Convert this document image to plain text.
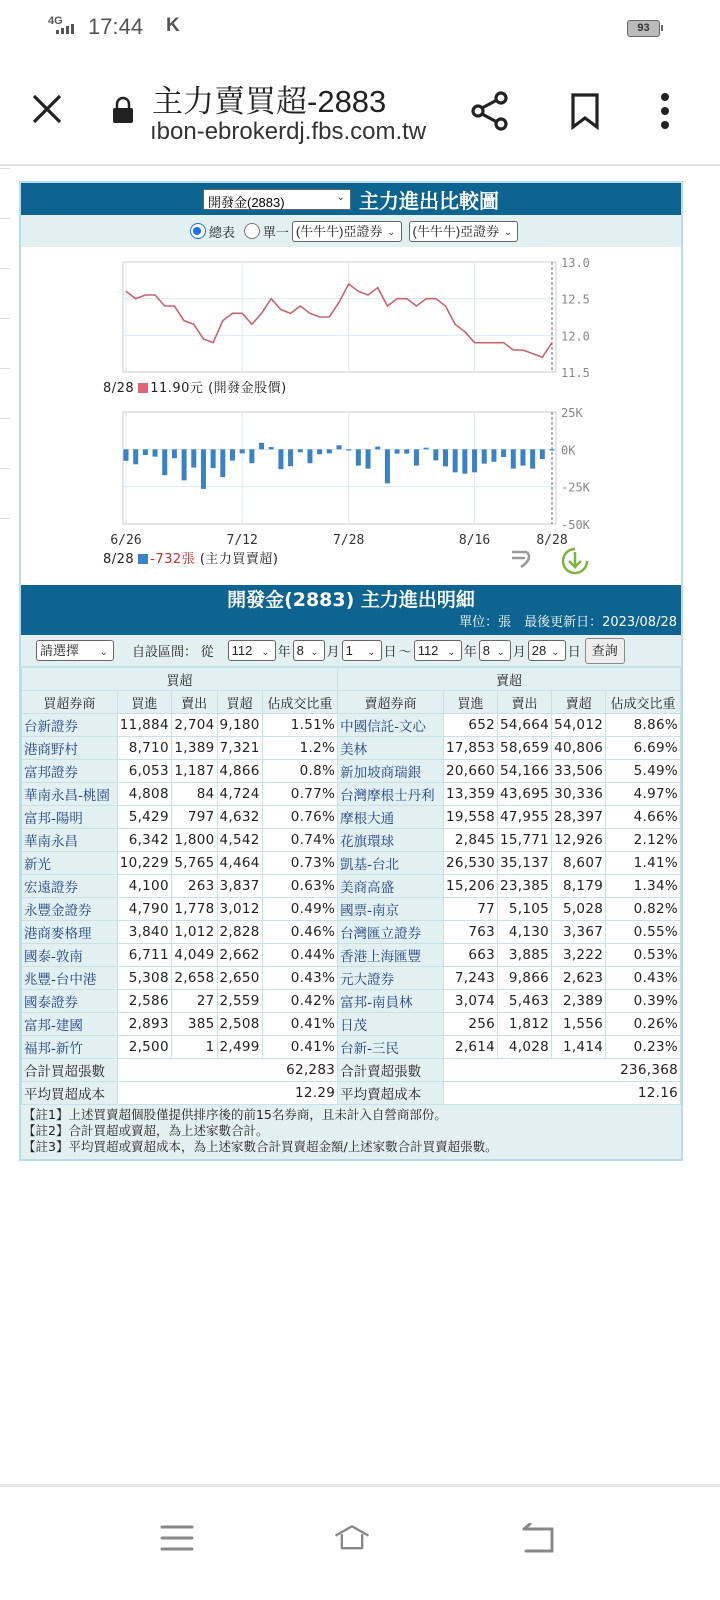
4G 17:44 K	93
主力賣買超-2883
ıbon-ebrokerdj.fbs.com.tw
開發金(2883)	⌄ 主力進出比較圖
總表 單一 (牛牛牛)亞證券 ⌄	(牛牛牛)亞證券 ⌄
13.0
12.5
12.0
11.5
25K
0K
-25K
-50K
6/26	7/12	7/28	8/16	8/28
8/28 11.90元 (開發金股價)
8/28 -732張 (主力買賣超)
開發金(2883) 主力進出明細
單位：張　最後更新日：2023/08/28
請選擇 ⌄ 自設區間： 從	112 ⌄ 年 8 ⌄ 月 1 ⌄ 日 ～ 112 ⌄ 年 8 ⌄ 月 28 ⌄ 日 查詢
買超					賣超				
買超券商	買進	賣出	買超	佔成交比重	賣超券商	買進	賣出	賣超	佔成交比重
台新證券	11,884	2,704	9,180	1.51%	中國信託-文心	652	54,664	54,012	8.86%
港商野村	8,710	1,389	7,321	1.2%	美林	17,853	58,659	40,806	6.69%
富邦證券	6,053	1,187	4,866	0.8%	新加坡商瑞銀	20,660	54,166	33,506	5.49%
華南永昌-桃園	4,808	84	4,724	0.77%	台灣摩根士丹利	13,359	43,695	30,336	4.97%
富邦-陽明	5,429	797	4,632	0.76%	摩根大通	19,558	47,955	28,397	4.66%
華南永昌	6,342	1,800	4,542	0.74%	花旗環球	2,845	15,771	12,926	2.12%
新光	10,229	5,765	4,464	0.73%	凱基-台北	26,530	35,137	8,607	1.41%
宏遠證券	4,100	263	3,837	0.63%	美商高盛	15,206	23,385	8,179	1.34%
永豐金證券	4,790	1,778	3,012	0.49%	國票-南京	77	5,105	5,028	0.82%
港商麥格理	3,840	1,012	2,828	0.46%	台灣匯立證券	763	4,130	3,367	0.55%
國泰-敦南	6,711	4,049	2,662	0.44%	香港上海匯豐	663	3,885	3,222	0.53%
兆豐-台中港	5,308	2,658	2,650	0.43%	元大證券	7,243	9,866	2,623	0.43%
國泰證券	2,586	27	2,559	0.42%	富邦-南員林	3,074	5,463	2,389	0.39%
富邦-建國	2,893	385	2,508	0.41%	日茂	256	1,812	1,556	0.26%
福邦-新竹	2,500	1	2,499	0.41%	台新-三民	2,614	4,028	1,414	0.23%
合計買超張數	62,283				合計賣超張數	236,368			
平均買超成本	12.29				平均賣超成本	12.16			
【註1】上述買賣超個股僅提供排序後的前15名券商，且未計入自營商部份。
【註2】合計買超或賣超，為上述家數合計。
【註3】平均買超或賣超成本，為上述家數合計買賣超金額/上述家數合計買賣超張數。
